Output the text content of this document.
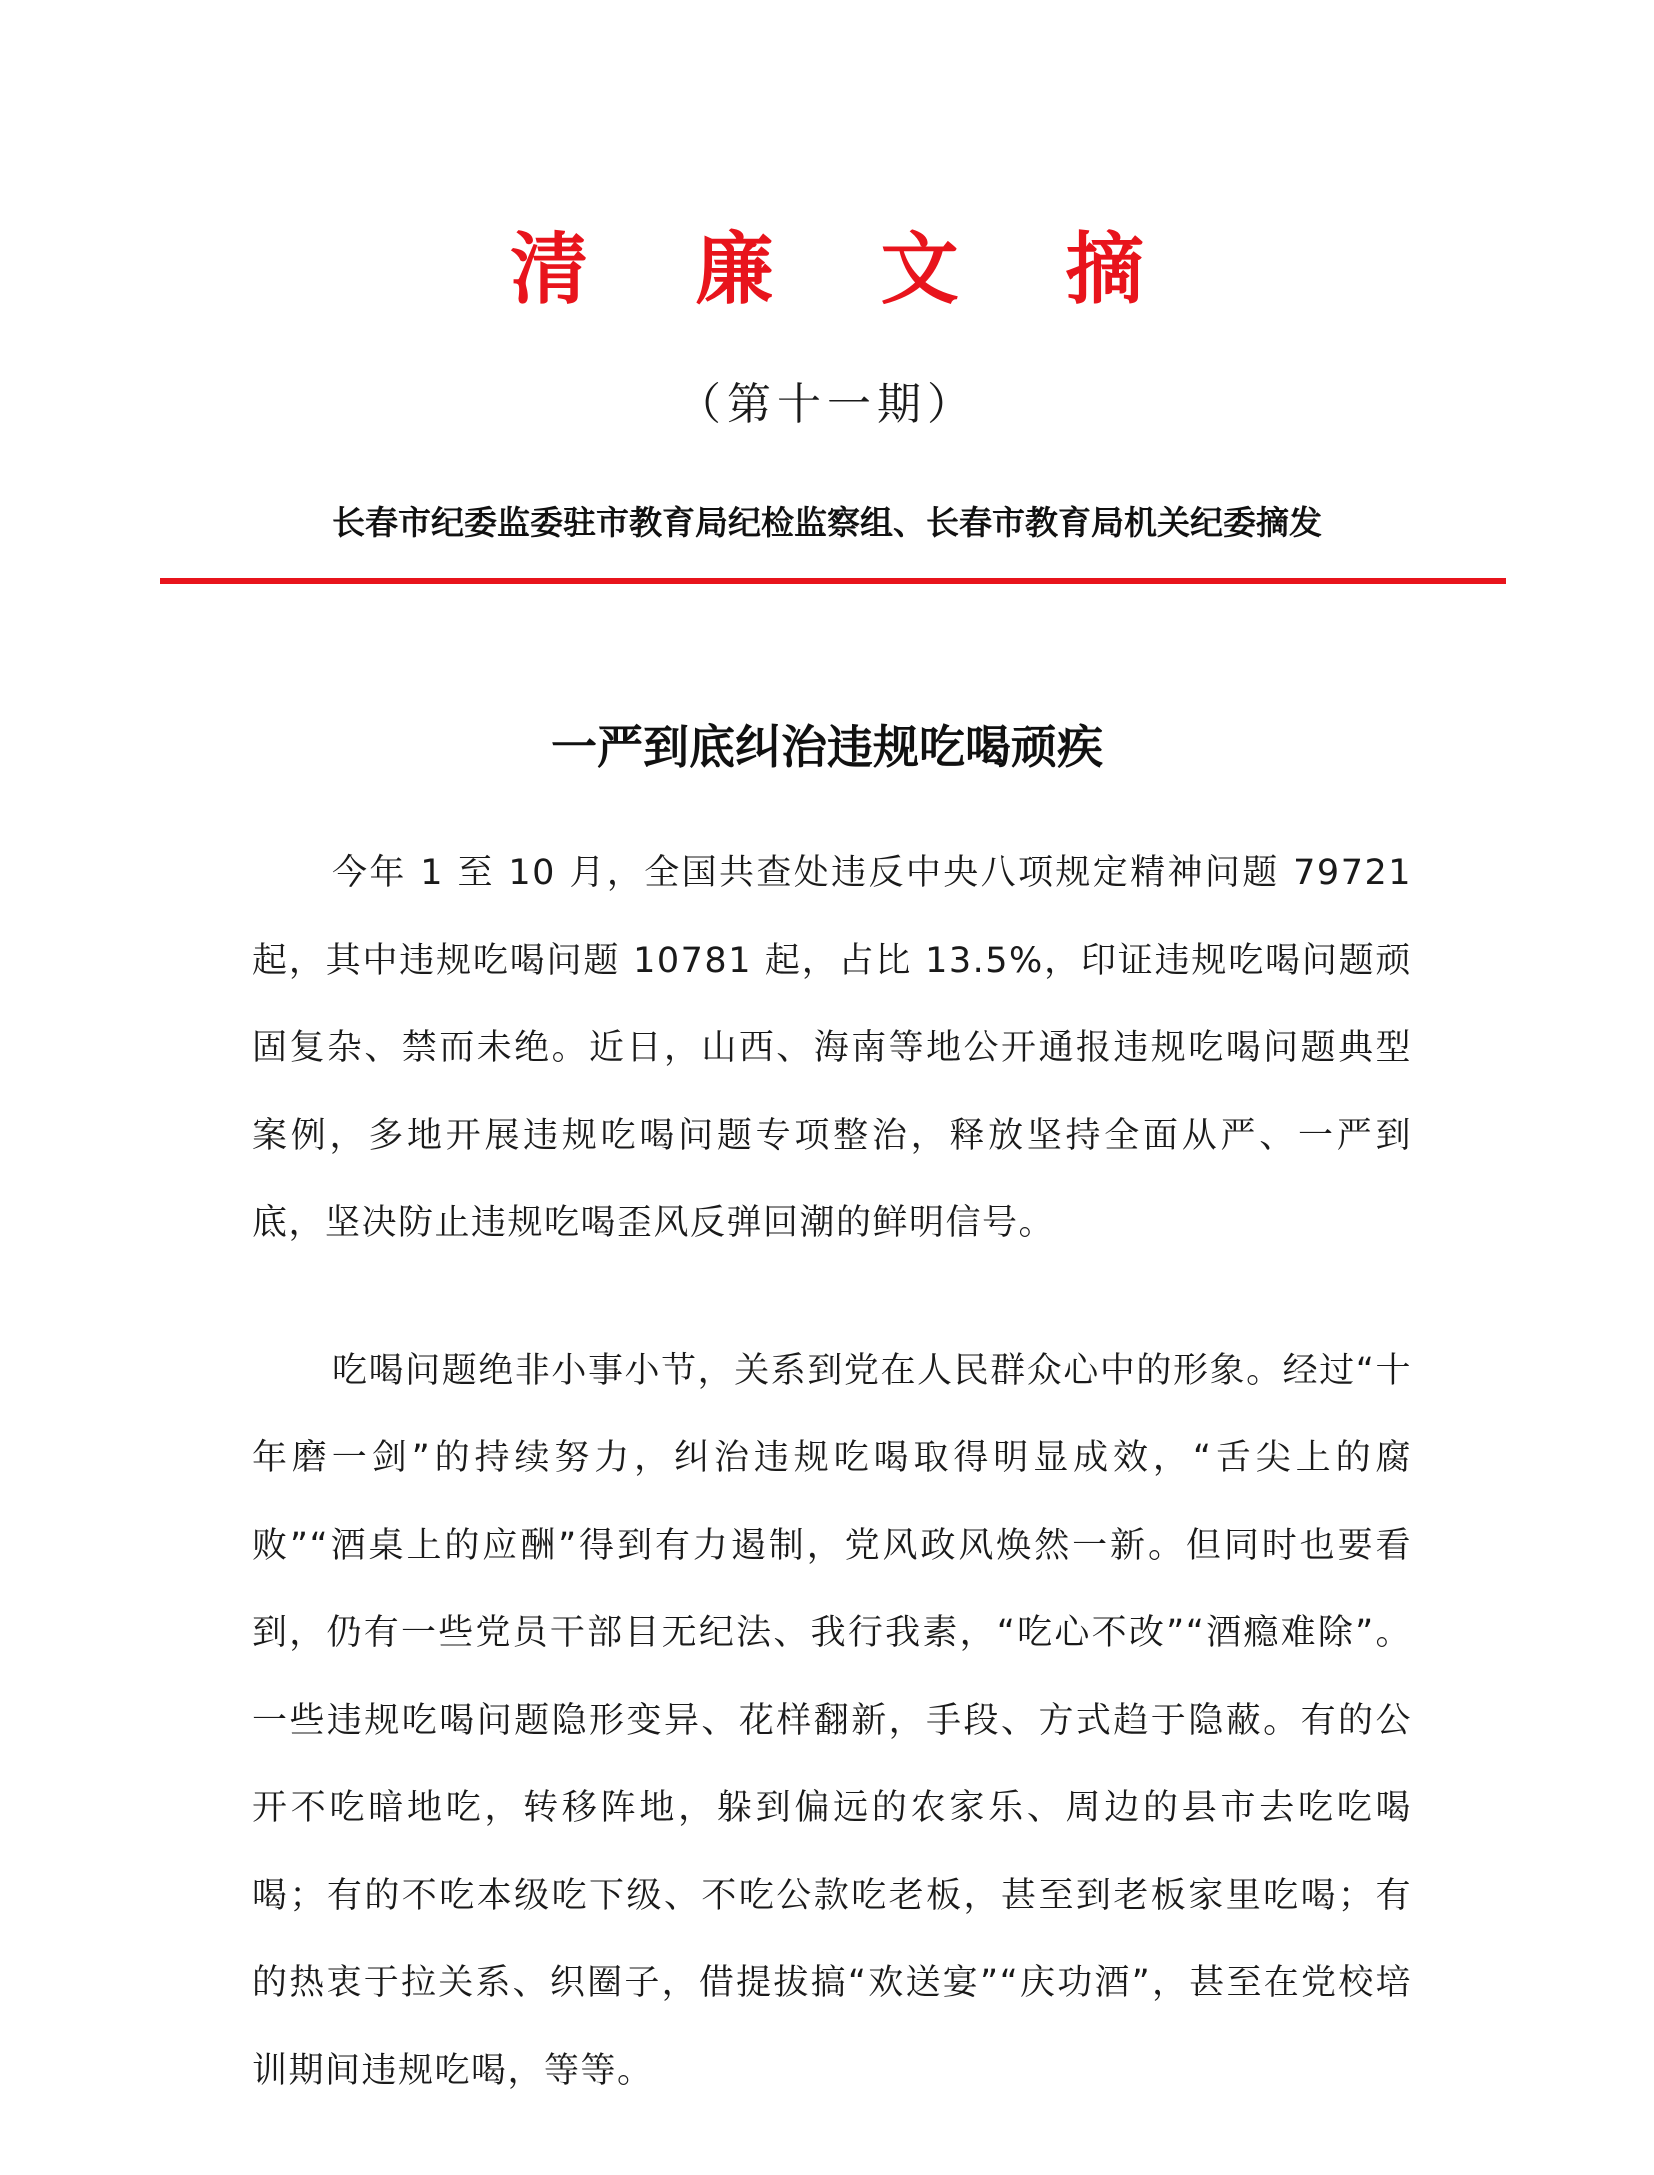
清 廉 文 摘
（第十一期）
长春市纪委监委驻市教育局纪检监察组、长春市教育局机关纪委摘发
一严到底纠治违规吃喝顽疾

今年 1 至 10 月，全国共查处违反中央八项规定精神问题 79721 起，其中违规吃喝问题 10781 起，占比 13.5%，印证违规吃喝问题顽固复杂、禁而未绝。近日，山西、海南等地公开通报违规吃喝问题典型案例，多地开展违规吃喝问题专项整治，释放坚持全面从严、一严到底，坚决防止违规吃喝歪风反弹回潮的鲜明信号。

吃喝问题绝非小事小节，关系到党在人民群众心中的形象。经过“十年磨一剑”的持续努力，纠治违规吃喝取得明显成效，“舌尖上的腐败”“酒桌上的应酬”得到有力遏制，党风政风焕然一新。但同时也要看到，仍有一些党员干部目无纪法、我行我素，“吃心不改”“酒瘾难除”。一些违规吃喝问题隐形变异、花样翻新，手段、方式趋于隐蔽。有的公开不吃暗地吃，转移阵地，躲到偏远的农家乐、周边的县市去吃吃喝喝；有的不吃本级吃下级、不吃公款吃老板，甚至到老板家里吃喝；有的热衷于拉关系、织圈子，借提拔搞“欢送宴”“庆功酒”，甚至在党校培训期间违规吃喝，等等。
